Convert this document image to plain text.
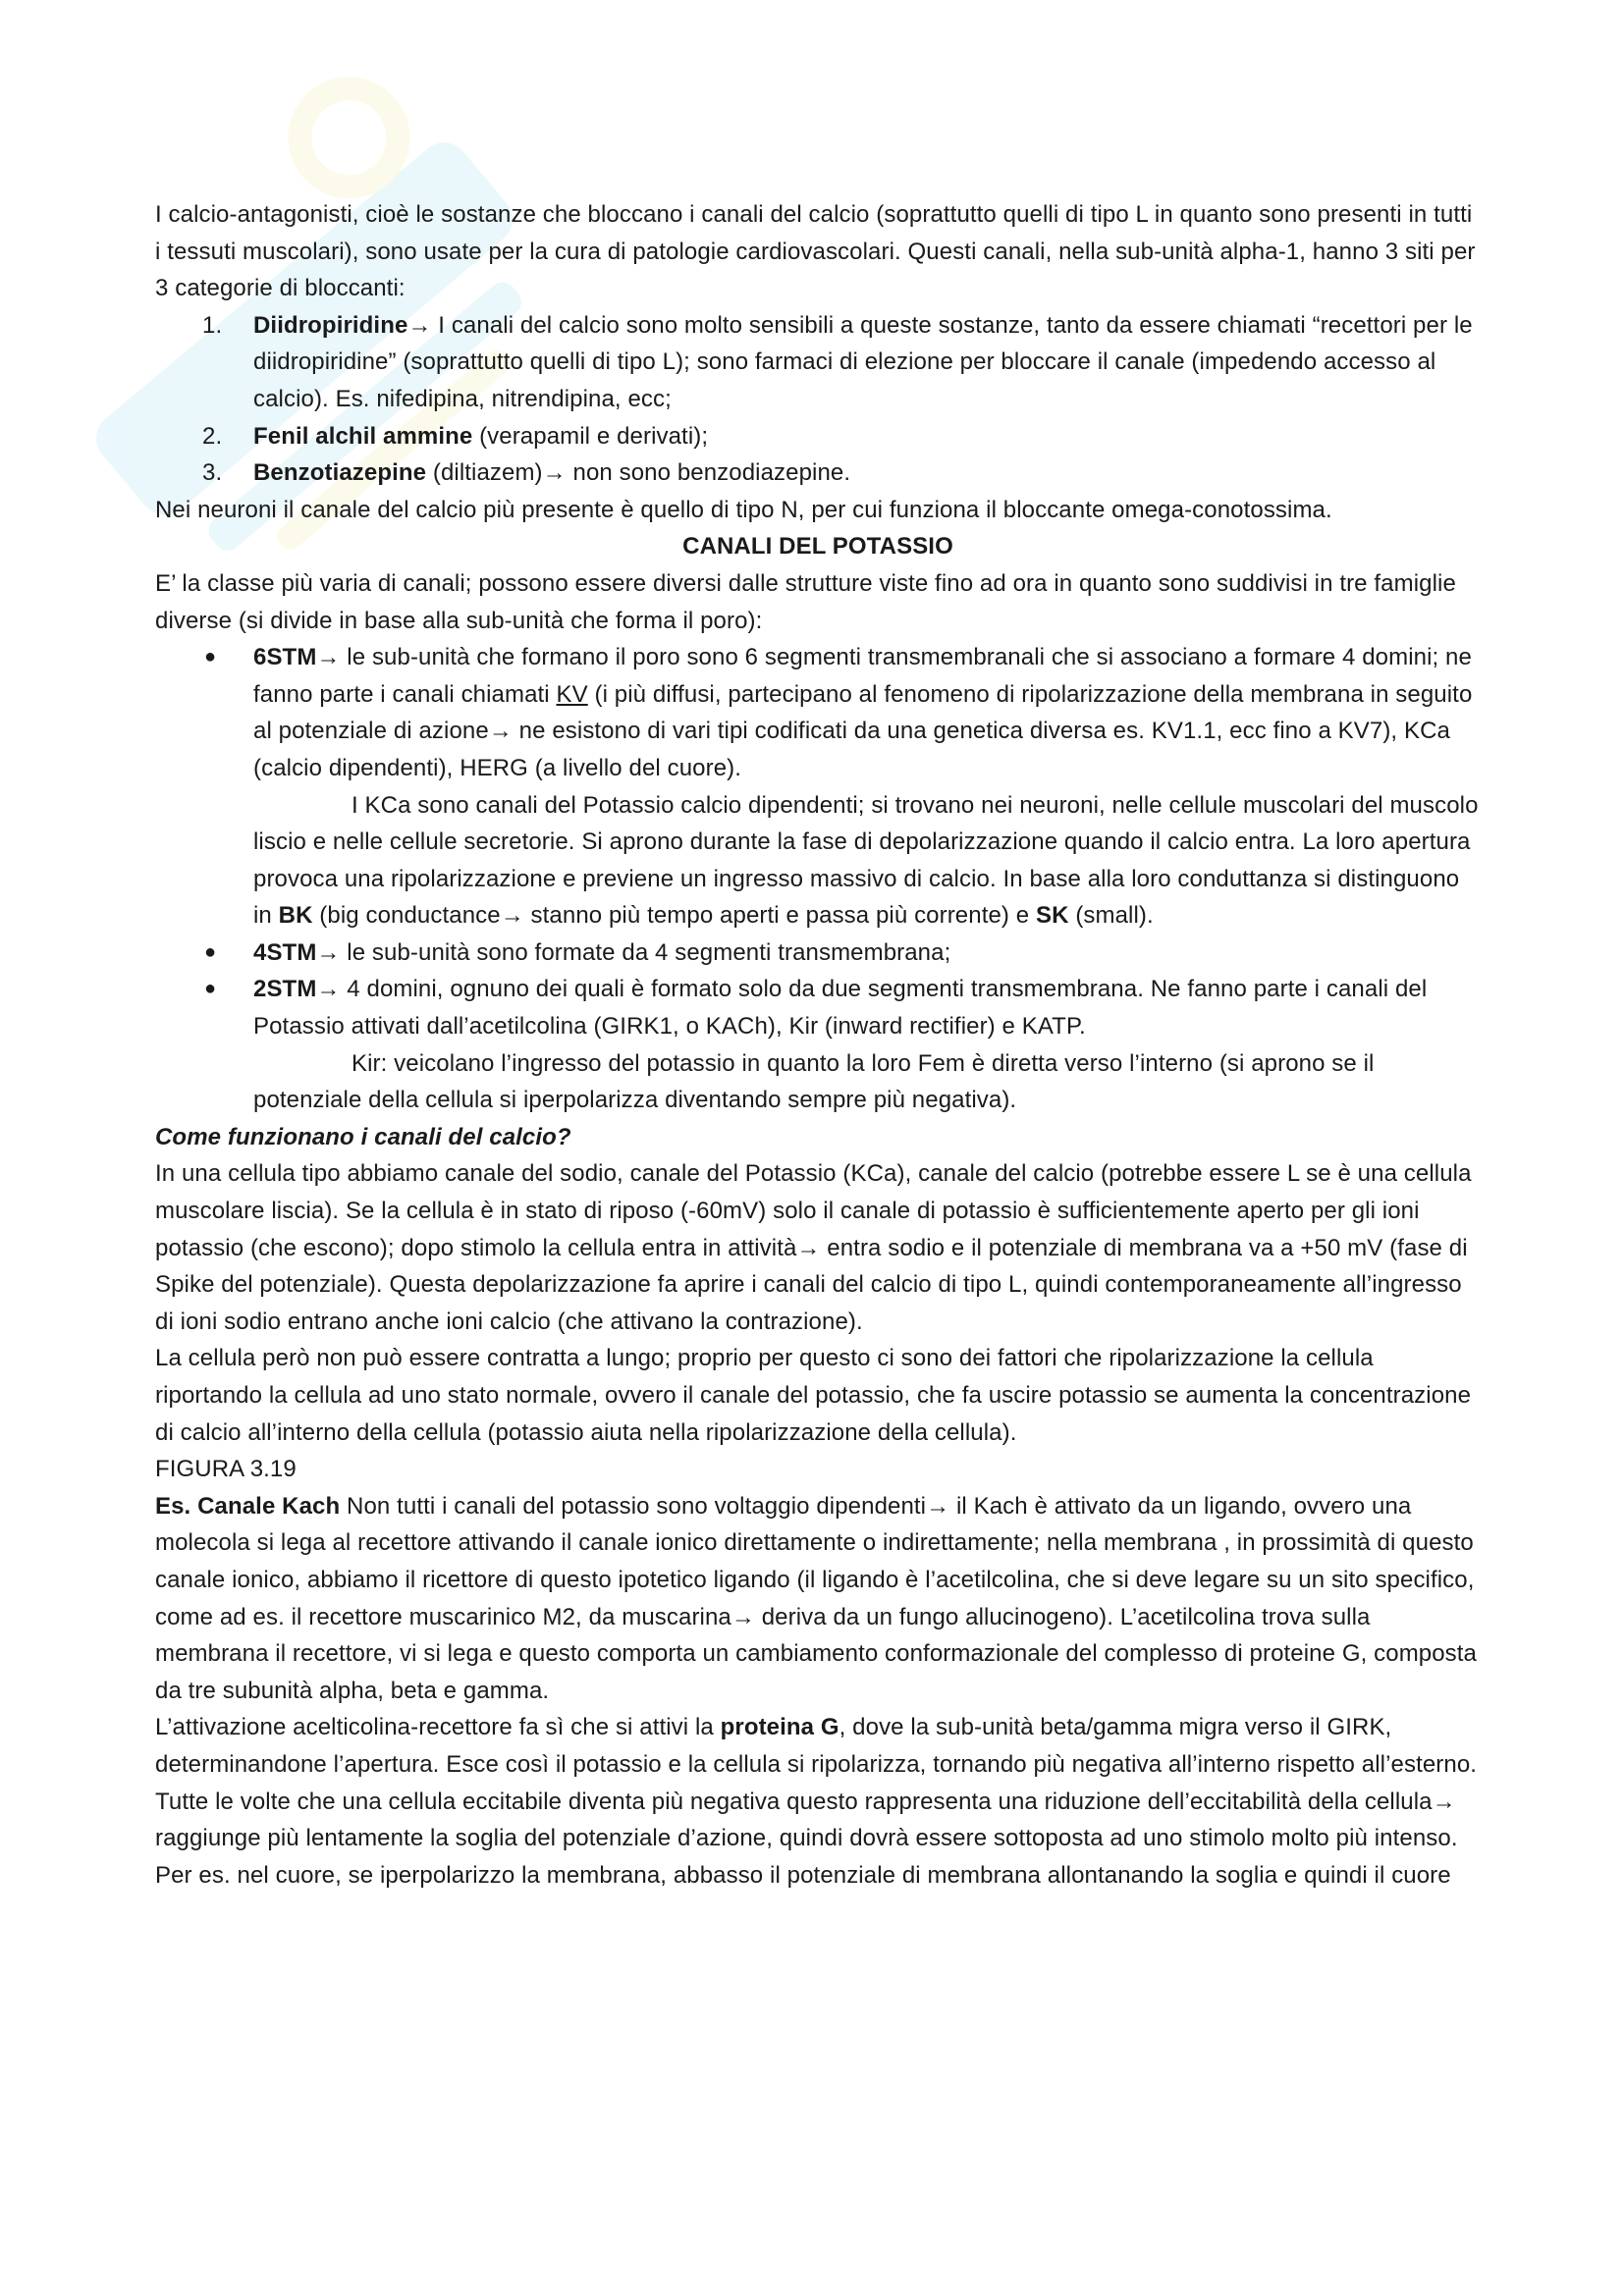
I calcio-antagonisti, cioè le sostanze che bloccano i canali del calcio (soprattutto quelli di tipo L in quanto sono presenti in tutti i tessuti muscolari), sono usate per la cura di patologie cardiovascolari. Questi canali, nella sub-unità alpha-1, hanno 3 siti per 3 categorie di bloccanti:

1. Diidropiridine→ I canali del calcio sono molto sensibili a queste sostanze, tanto da essere chiamati “recettori per le diidropiridine” (soprattutto quelli di tipo L); sono farmaci di elezione per bloccare il canale (impedendo accesso al calcio). Es. nifedipina, nitrendipina, ecc;
2. Fenil alchil ammine (verapamil e derivati);
3. Benzotiazepine (diltiazem)→ non sono benzodiazepine.

Nei neuroni il canale del calcio più presente è quello di tipo N, per cui funziona il bloccante omega-conotossima.

CANALI DEL POTASSIO

E’ la classe più varia di canali; possono essere diversi dalle strutture viste fino ad ora in quanto sono suddivisi in tre famiglie diverse (si divide in base alla sub-unità che forma il poro):

● 6STM→ le sub-unità che formano il poro sono 6 segmenti transmembranali che si associano a formare 4 domini; ne fanno parte i canali chiamati KV (i più diffusi, partecipano al fenomeno di ripolarizzazione della membrana in seguito al potenziale di azione→ ne esistono di vari tipi codificati da una genetica diversa es. KV1.1, ecc fino a KV7), KCa (calcio dipendenti), HERG (a livello del cuore).

I KCa sono canali del Potassio calcio dipendenti; si trovano nei neuroni, nelle cellule muscolari del muscolo liscio e nelle cellule secretorie. Si aprono durante la fase di depolarizzazione quando il calcio entra. La loro apertura provoca una ripolarizzazione e previene un ingresso massivo di calcio. In base alla loro conduttanza si distinguono in BK (big conductance→ stanno più tempo aperti e passa più corrente) e SK (small).

● 4STM→ le sub-unità sono formate da 4 segmenti transmembrana;
● 2STM→ 4 domini, ognuno dei quali è formato solo da due segmenti transmembrana. Ne fanno parte i canali del Potassio attivati dall’acetilcolina (GIRK1, o KACh), Kir (inward rectifier) e KATP.

Kir: veicolano l’ingresso del potassio in quanto la loro Fem è diretta verso l’interno (si aprono se il potenziale della cellula si iperpolarizza diventando sempre più negativa).

Come funzionano i canali del calcio?

In una cellula tipo abbiamo canale del sodio, canale del Potassio (KCa), canale del calcio (potrebbe essere L se è una cellula muscolare liscia). Se la cellula è in stato di riposo (-60mV) solo il canale di potassio è sufficientemente aperto per gli ioni potassio (che escono); dopo stimolo la cellula entra in attività→ entra sodio e il potenziale di membrana va a +50 mV (fase di Spike del potenziale). Questa depolarizzazione fa aprire i canali del calcio di tipo L, quindi contemporaneamente all’ingresso di ioni sodio entrano anche ioni calcio (che attivano la contrazione).

La cellula però non può essere contratta a lungo; proprio per questo ci sono dei fattori che ripolarizzazione la cellula riportando la cellula ad uno stato normale, ovvero il canale del potassio, che fa uscire potassio se aumenta la concentrazione di calcio all’interno della cellula (potassio aiuta nella ripolarizzazione della cellula).

FIGURA 3.19

Es. Canale Kach Non tutti i canali del potassio sono voltaggio dipendenti→ il Kach è attivato da un ligando, ovvero una molecola si lega al recettore attivando il canale ionico direttamente o indirettamente; nella membrana , in prossimità di questo canale ionico, abbiamo il ricettore di questo ipotetico ligando (il ligando è l’acetilcolina, che si deve legare su un sito specifico, come ad es. il recettore muscarinico M2, da muscarina→ deriva da un fungo allucinogeno). L’acetilcolina trova sulla membrana il recettore, vi si lega e questo comporta un cambiamento conformazionale del complesso di proteine G, composta da tre subunità alpha, beta e gamma.

L’attivazione acelticolina-recettore fa sì che si attivi la proteina G, dove la sub-unità beta/gamma migra verso il GIRK, determinandone l’apertura. Esce così il potassio e la cellula si ripolarizza, tornando più negativa all’interno rispetto all’esterno. Tutte le volte che una cellula eccitabile diventa più negativa questo rappresenta una riduzione dell’eccitabilità della cellula→ raggiunge più lentamente la soglia del potenziale d’azione, quindi dovrà essere sottoposta ad uno stimolo molto più intenso. Per es. nel cuore, se iperpolarizzo la membrana, abbasso il potenziale di membrana allontanando la soglia e quindi il cuore
